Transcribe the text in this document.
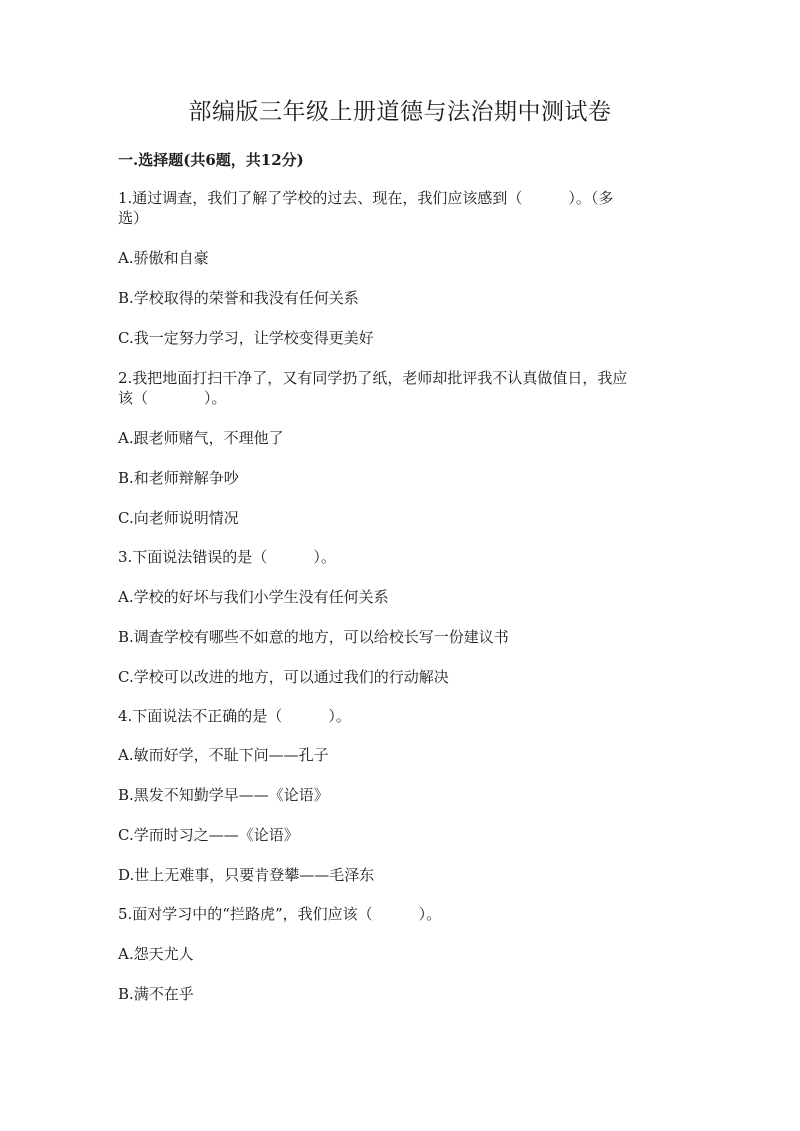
部编版三年级上册道德与法治期中测试卷

一.选择题(共6题，共12分)

1.通过调查，我们了解了学校的过去、现在，我们应该感到（	）。（多

选）

A.骄傲和自豪

B.学校取得的荣誉和我没有任何关系

C.我一定努力学习，让学校变得更美好

2.我把地面打扫干净了，又有同学扔了纸，老师却批评我不认真做值日，我应

该（	）。

A.跟老师赌气，不理他了

B.和老师辩解争吵

C.向老师说明情况

3.下面说法错误的是（	）。

A.学校的好坏与我们小学生没有任何关系

B.调查学校有哪些不如意的地方，可以给校长写一份建议书

C.学校可以改进的地方，可以通过我们的行动解决

4.下面说法不正确的是（	）。

A.敏而好学，不耻下问——孔子

B.黑发不知勤学早——《论语》

C.学而时习之——《论语》

D.世上无难事，只要肯登攀——毛泽东

5.面对学习中的“拦路虎”，我们应该（	）。

A.怨天尤人

B.满不在乎
